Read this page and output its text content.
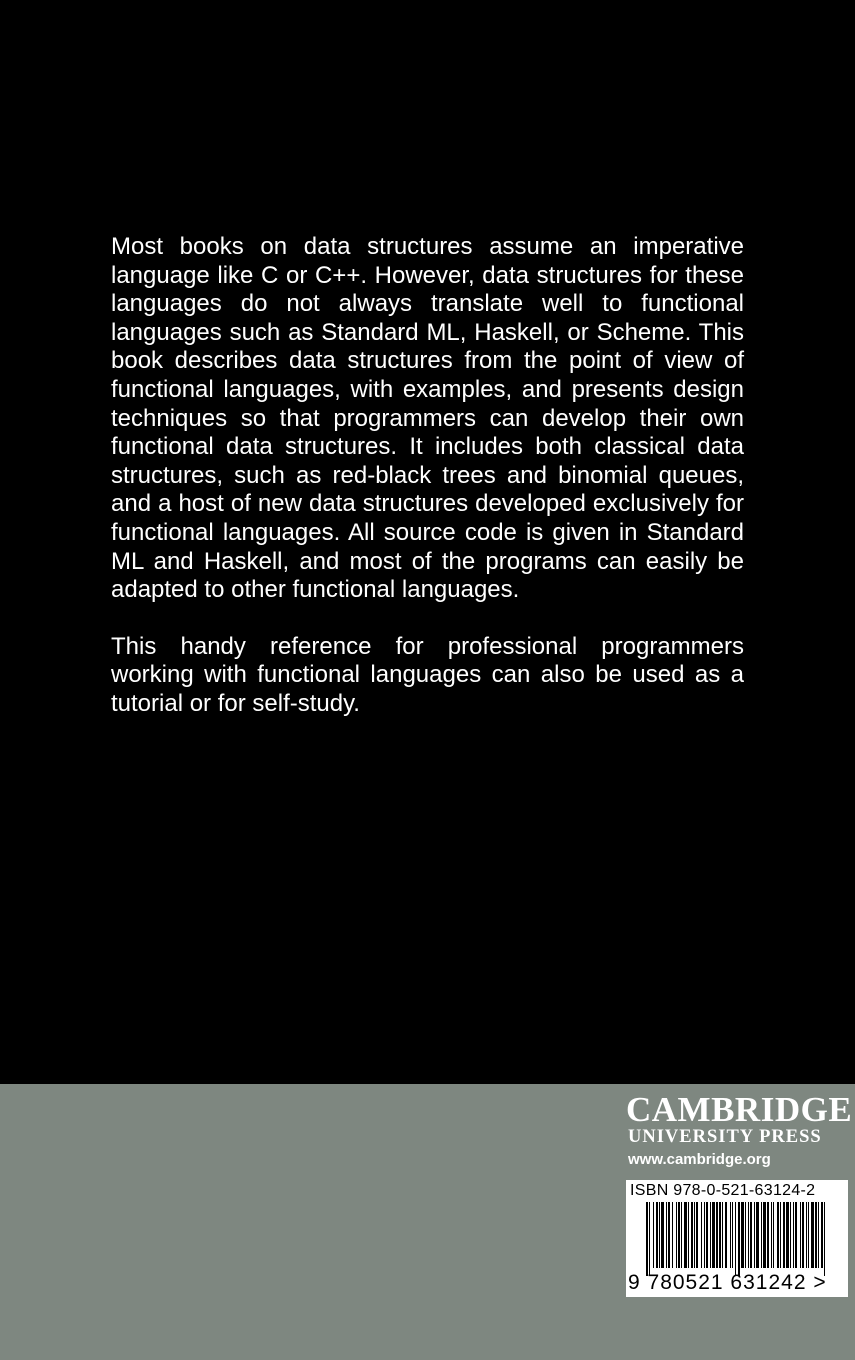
Most books on data structures assume an imperative language like C or C++. However, data structures for these languages do not always translate well to functional languages such as Standard ML, Haskell, or Scheme. This book describes data structures from the point of view of functional languages, with examples, and presents design techniques so that programmers can develop their own functional data structures. It includes both classical data structures, such as red-black trees and binomial queues, and a host of new data structures developed exclusively for functional languages. All source code is given in Standard ML and Haskell, and most of the programs can easily be adapted to other functional languages.

This handy reference for professional programmers working with functional languages can also be used as a tutorial or for self-study.

CAMBRIDGE
UNIVERSITY PRESS
www.cambridge.org
ISBN 978-0-521-63124-2
9 780521 631242 >
